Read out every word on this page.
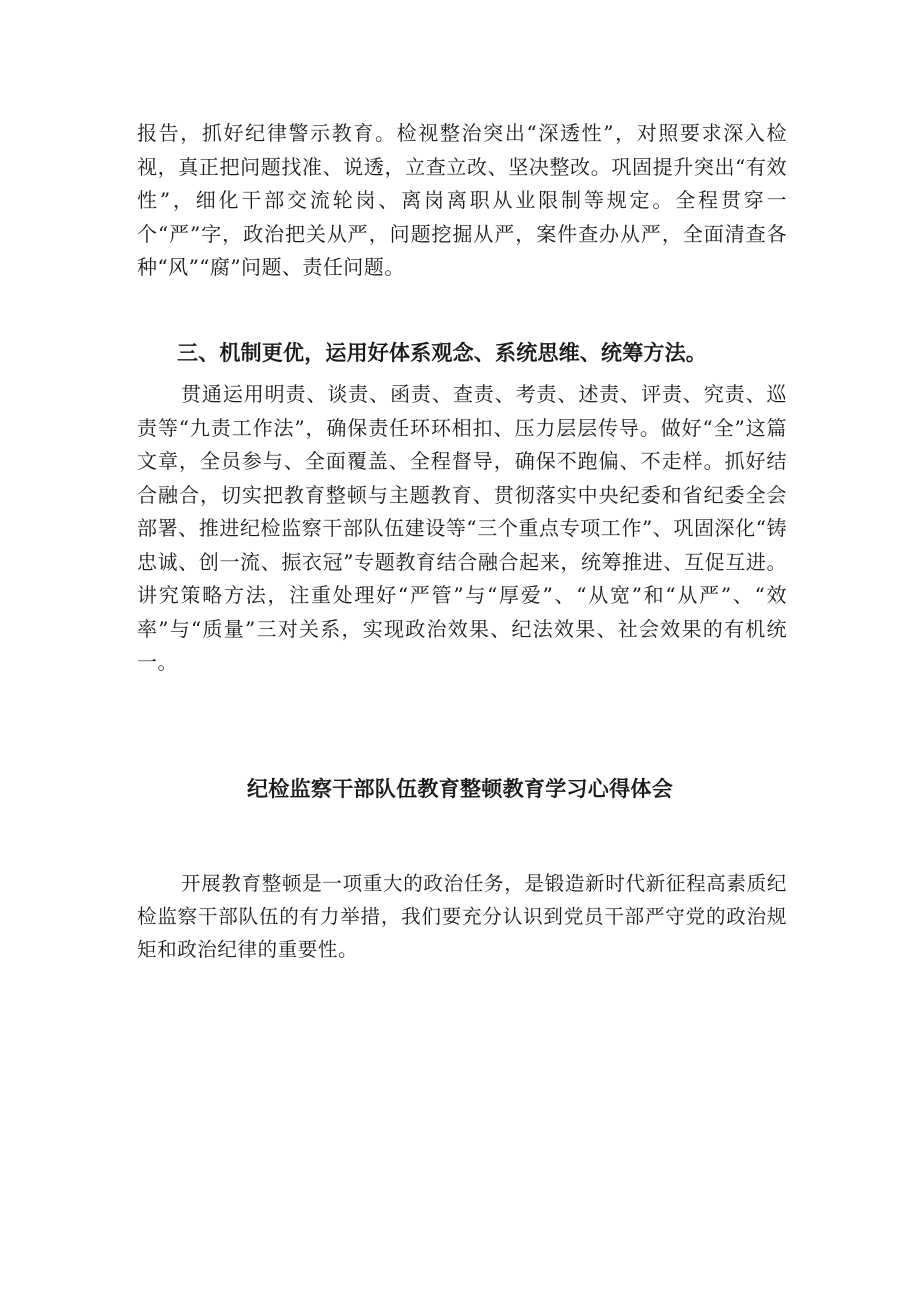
报告，抓好纪律警示教育。检视整治突出“深透性”，对照要求深入检视，真正把问题找准、说透，立查立改、坚决整改。巩固提升突出“有效性”，细化干部交流轮岗、离岗离职从业限制等规定。全程贯穿一个“严”字，政治把关从严，问题挖掘从严，案件查办从严，全面清查各种“风”“腐”问题、责任问题。

三、机制更优，运用好体系观念、系统思维、统筹方法。

贯通运用明责、谈责、函责、查责、考责、述责、评责、究责、巡责等“九责工作法”，确保责任环环相扣、压力层层传导。做好“全”这篇文章，全员参与、全面覆盖、全程督导，确保不跑偏、不走样。抓好结合融合，切实把教育整顿与主题教育、贯彻落实中央纪委和省纪委全会部署、推进纪检监察干部队伍建设等“三个重点专项工作”、巩固深化“铸忠诚、创一流、振衣冠”专题教育结合融合起来，统筹推进、互促互进。讲究策略方法，注重处理好“严管”与“厚爱”、“从宽”和“从严”、“效率”与“质量”三对关系，实现政治效果、纪法效果、社会效果的有机统一。

纪检监察干部队伍教育整顿教育学习心得体会

开展教育整顿是一项重大的政治任务，是锻造新时代新征程高素质纪检监察干部队伍的有力举措，我们要充分认识到党员干部严守党的政治规矩和政治纪律的重要性。
